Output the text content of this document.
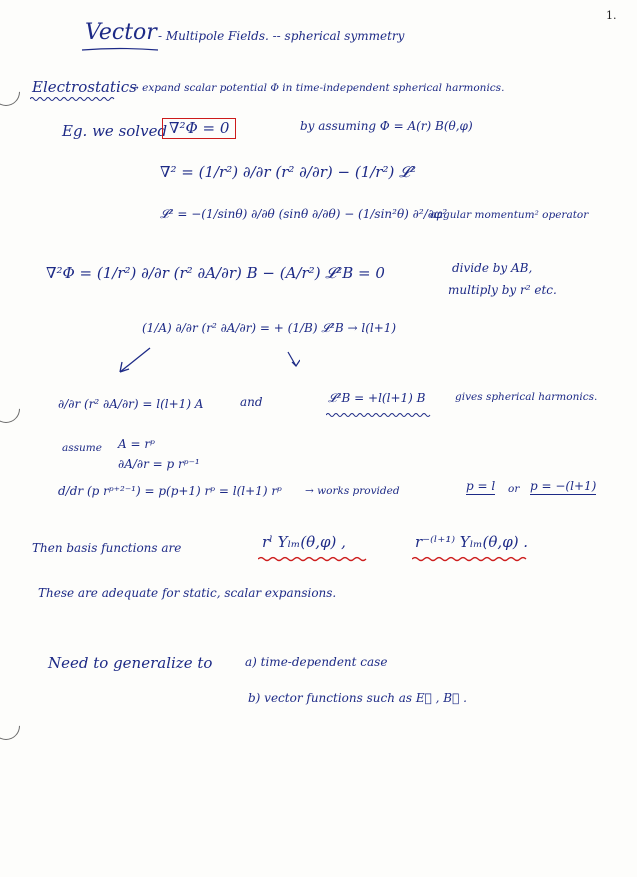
1.
Vector - Multipole Fields. -- spherical symmetry
Electrostatics
→ expand scalar potential Φ in time-independent spherical harmonics.
Eg. we solved ∇²Φ = 0	by assuming Φ = A(r) B(θ,φ)
∇² = (1/r²) ∂/∂r (r² ∂/∂r) − (1/r²) 𝓛²
𝓛² = −(1/sinθ) ∂/∂θ (sinθ ∂/∂θ) − (1/sin²θ) ∂²/∂φ²
angular momentum² operator
∇²Φ = (1/r²) ∂/∂r (r² ∂A/∂r) B − (A/r²) 𝓛²B = 0	divide by AB,
multiply by r² etc.
(1/A) ∂/∂r (r² ∂A/∂r) = + (1/B) 𝓛²B → l(l+1)
∂/∂r (r² ∂A/∂r) = l(l+1) A	and	𝓛²B = +l(l+1) B	gives spherical harmonics.
assume A = rᵖ
∂A/∂r = p rᵖ⁻¹
d/dr (p rᵖ⁺²⁻¹) = p(p+1) rᵖ = l(l+1) rᵖ → works provided	p = l or p = −(l+1)
Then basis functions are	rˡ Yₗₘ(θ,φ) ,	r⁻⁽ˡ⁺¹⁾ Yₗₘ(θ,φ) .
These are adequate for static, scalar expansions.
Need to generalize to	a) time-dependent case
b) vector functions such as E⃗ , B⃗ .
